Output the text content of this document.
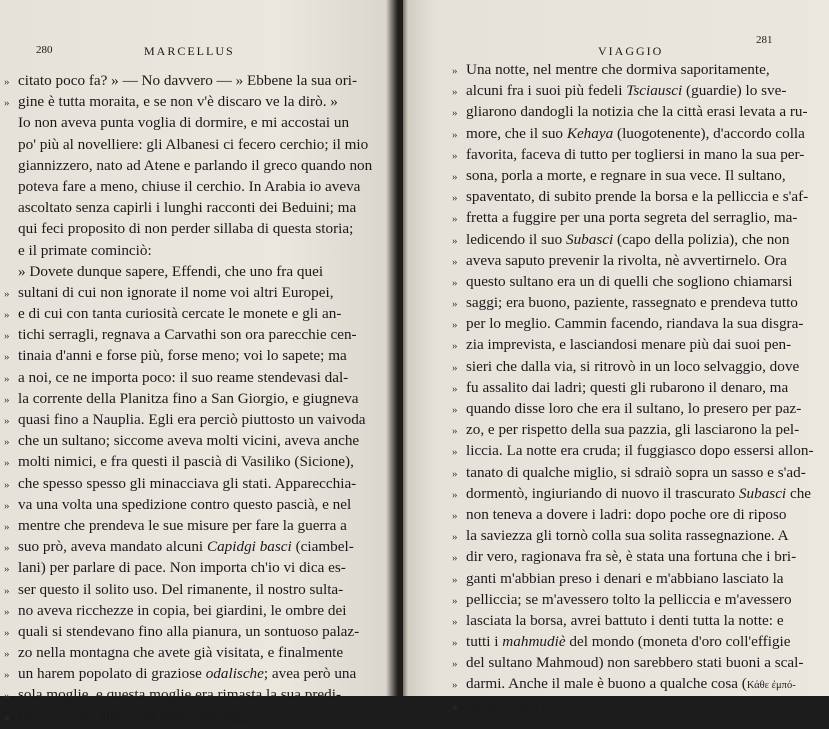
280	MARCELLUS	VIAGGIO
281
» citato poco fa? » — No davvero — » Ebbene la sua ori-
» gine è tutta moraita, e se non v'è discaro ve la dirò. »
Io non aveva punta voglia di dormire, e mi accostai un
po' più al novelliere: gli Albanesi ci fecero cerchio; il mio
giannizzero, nato ad Atene e parlando il greco quando non
poteva fare a meno, chiuse il cerchio. In Arabia io aveva
ascoltato senza capirli i lunghi racconti dei Beduini; ma
qui feci proposito di non perder sillaba di questa storia;
e il primate cominciò:
» Dovete dunque sapere, Effendi, che uno fra quei
» sultani di cui non ignorate il nome voi altri Europei,
» e di cui con tanta curiosità cercate le monete e gli an-
» tichi serragli, regnava a Carvathi son ora parecchie cen-
» tinaia d'anni e forse più, forse meno; voi lo sapete; ma
» a noi, ce ne importa poco: il suo reame stendevasi dal-
» la corrente della Planitza fino a San Giorgio, e giugneva
» quasi fino a Nauplia. Egli era perciò piuttosto un vaivoda
» che un sultano; siccome aveva molti vicini, aveva anche
» molti nimici, e fra questi il pascià di Vasiliko (Sicione),
» che spesso spesso gli minacciava gli stati. Apparecchia-
» va una volta una spedizione contro questo pascià, e nel
» mentre che prendeva le sue misure per fare la guerra a
» suo prò, aveva mandato alcuni Capidgi basci (ciambel-
» lani) per parlare di pace. Non importa ch'io vi dica es-
» ser questo il solito uso. Del rimanente, il nostro sulta-
» no aveva ricchezze in copia, bei giardini, le ombre dei
» quali si stendevano fino alla pianura, un sontuoso palaz-
» zo nella montagna che avete già visitata, e finalmente
» un harem popolato di graziose odalische; avea però una
» sola moglie, e questa moglie era rimasta la sua predi-
» letta, ciò che allora era raro come oggi.
» Una notte, nel mentre che dormiva saporitamente,
» alcuni fra i suoi più fedeli Tsciausci (guardie) lo sve-
» gliarono dandogli la notizia che la città erasi levata a ru-
» more, che il suo Kehaya (luogotenente), d'accordo colla
» favorita, faceva di tutto per togliersi in mano la sua per-
» sona, porla a morte, e regnare in sua vece. Il sultano,
» spaventato, di subito prende la borsa e la pelliccia e s'af-
» fretta a fuggire per una porta segreta del serraglio, ma-
» ledicendo il suo Subasci (capo della polizia), che non
» aveva saputo prevenir la rivolta, nè avvertirnelo. Ora
» questo sultano era un di quelli che sogliono chiamarsi
» saggi; era buono, paziente, rassegnato e prendeva tutto
» per lo meglio. Cammin facendo, riandava la sua disgra-
» zia imprevista, e lasciandosi menare più dai suoi pen-
» sieri che dalla via, si ritrovò in un loco selvaggio, dove
» fu assalito dai ladri; questi gli rubarono il denaro, ma
» quando disse loro che era il sultano, lo presero per paz-
» zo, e per rispetto della sua pazzia, gli lasciarono la pel-
» liccia. La notte era cruda; il fuggiasco dopo essersi allon-
» tanato di qualche miglio, si sdraiò sopra un sasso e s'ad-
» dormentò, ingiuriando di nuovo il trascurato Subasci che
» non teneva a dovere i ladri: dopo poche ore di riposo
» la saviezza gli tornò colla sua solita rassegnazione. A
» dir vero, ragionava fra sè, è stata una fortuna che i bri-
» ganti m'abbian preso i denari e m'abbiano lasciato la
» pelliccia; se m'avessero tolto la pelliccia e m'avessero
» lasciata la borsa, avrei battuto i denti tutta la notte: e
» tutti i mahmudiè del mondo (moneta d'oro coll'effigie
» del sultano Mahmoud) non sarebbero stati buoni a scal-
» darmi. Anche il male è buono a qualche cosa (Κάθε ἐμπό-
» διον διὰ τὸ καλόν).
